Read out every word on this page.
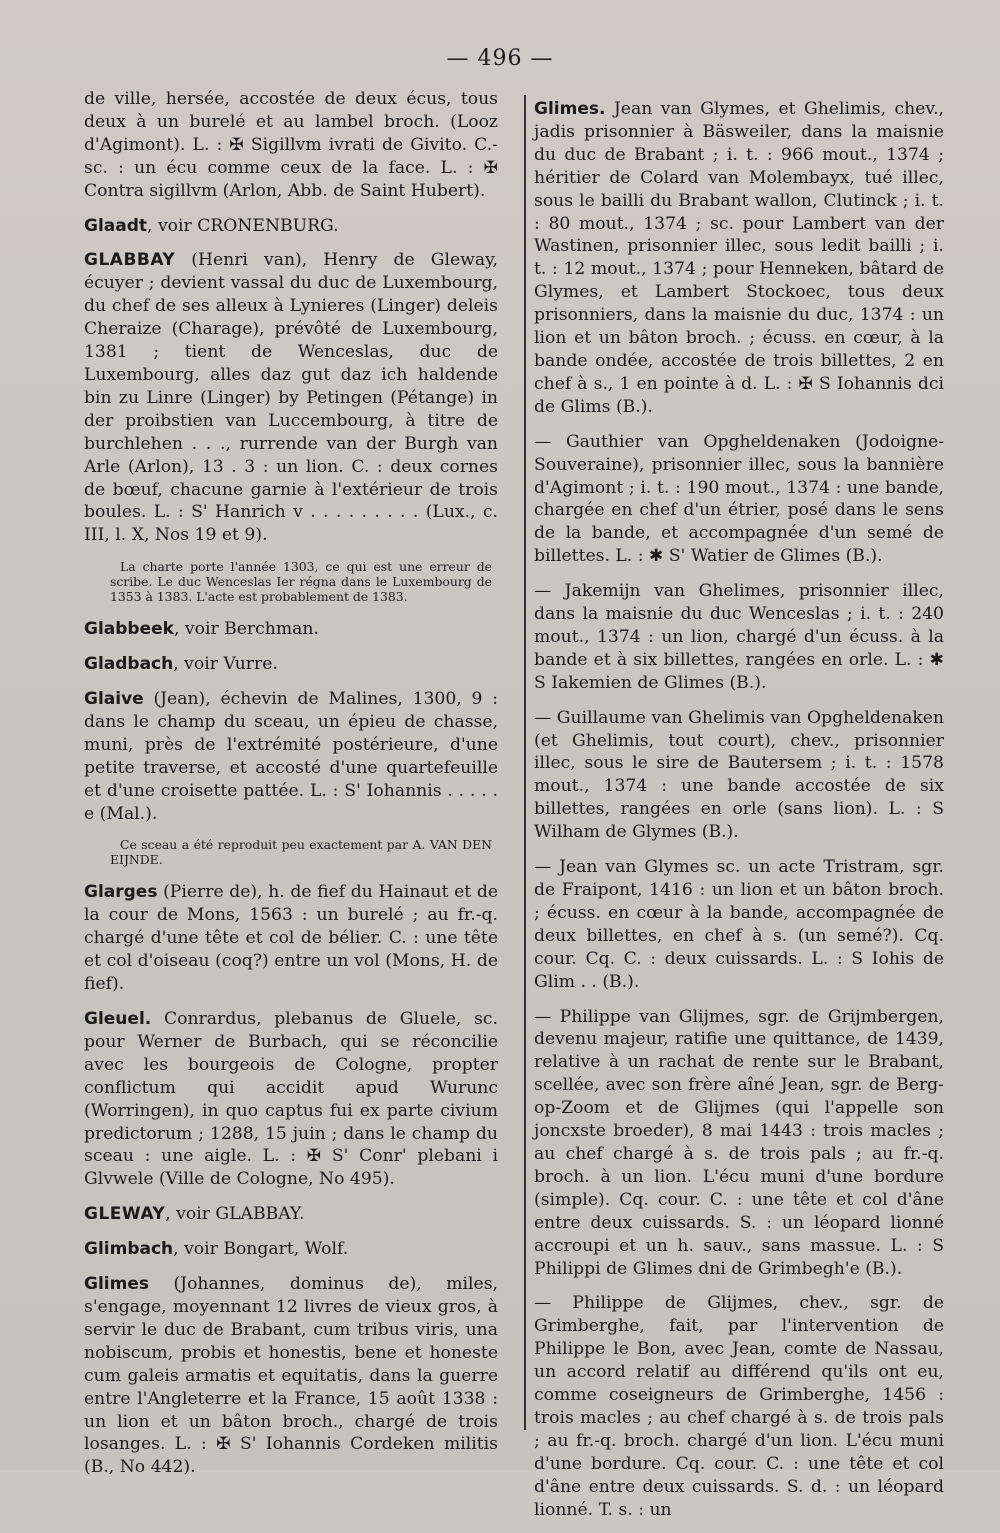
— 496 —
de ville, hersée, accostée de deux écus, tous deux à un burelé et au lambel broch. (Looz d'Agimont). L. : ✠ Sigillvm ivrati de Givito. C.-sc. : un écu comme ceux de la face. L. : ✠ Contra sigillvm (Arlon, Abb. de Saint Hubert).
Glaadt, voir CRONENBURG.
GLABBAY (Henri van), Henry de Gleway, écuyer ; devient vassal du duc de Luxembourg, du chef de ses alleux à Lynieres (Linger) deleis Cheraize (Charage), prévôté de Luxembourg, 1381 ; tient de Wenceslas, duc de Luxembourg, alles daz gut daz ich haldende bin zu Linre (Linger) by Petingen (Pétange) in der proibstien van Luccembourg, à titre de burchlehen . . ., rurrende van der Burgh van Arle (Arlon), 13 . 3 : un lion. C. : deux cornes de bœuf, chacune garnie à l'extérieur de trois boules. L. : S' Hanrich v . . . . . . . . . (Lux., c. III, l. X, Nos 19 et 9).
La charte porte l'année 1303, ce qui est une erreur de scribe. Le duc Wenceslas Ier régna dans le Luxembourg de 1353 à 1383. L'acte est probablement de 1383.
Glabbeek, voir Berchman.
Gladbach, voir Vurre.
Glaive (Jean), échevin de Malines, 1300, 9 : dans le champ du sceau, un épieu de chasse, muni, près de l'extrémité postérieure, d'une petite traverse, et accosté d'une quartefeuille et d'une croisette pattée. L. : S' Iohannis . . . . . e (Mal.).
Ce sceau a été reproduit peu exactement par A. VAN DEN EIJNDE.
Glarges (Pierre de), h. de fief du Hainaut et de la cour de Mons, 1563 : un burelé ; au fr.-q. chargé d'une tête et col de bélier. C. : une tête et col d'oiseau (coq?) entre un vol (Mons, H. de fief).
Gleuel. Conrardus, plebanus de Gluele, sc. pour Werner de Burbach, qui se réconcilie avec les bourgeois de Cologne, propter conflictum qui accidit apud Wurunc (Worringen), in quo captus fui ex parte civium predictorum ; 1288, 15 juin ; dans le champ du sceau : une aigle. L. : ✠ S' Conr' plebani i Glvwele (Ville de Cologne, No 495).
GLEWAY, voir GLABBAY.
Glimbach, voir Bongart, Wolf.
Glimes (Johannes, dominus de), miles, s'engage, moyennant 12 livres de vieux gros, à servir le duc de Brabant, cum tribus viris, una nobiscum, probis et honestis, bene et honeste cum galeis armatis et equitatis, dans la guerre entre l'Angleterre et la France, 15 août 1338 : un lion et un bâton broch., chargé de trois losanges. L. : ✠ S' Iohannis Cordeken militis (B., No 442).
Glimes. Jean van Glymes, et Ghelimis, chev., jadis prisonnier à Bäsweiler, dans la maisnie du duc de Brabant ; i. t. : 966 mout., 1374 ; héritier de Colard van Molembayx, tué illec, sous le bailli du Brabant wallon, Clutinck ; i. t. : 80 mout., 1374 ; sc. pour Lambert van der Wastinen, prisonnier illec, sous ledit bailli ; i. t. : 12 mout., 1374 ; pour Henneken, bâtard de Glymes, et Lambert Stockoec, tous deux prisonniers, dans la maisnie du duc, 1374 : un lion et un bâton broch. ; écuss. en cœur, à la bande ondée, accostée de trois billettes, 2 en chef à s., 1 en pointe à d. L. : ✠ S Iohannis dci de Glims (B.).
— Gauthier van Opgheldenaken (Jodoigne-Souveraine), prisonnier illec, sous la bannière d'Agimont ; i. t. : 190 mout., 1374 : une bande, chargée en chef d'un étrier, posé dans le sens de la bande, et accompagnée d'un semé de billettes. L. : ✱ S' Watier de Glimes (B.).
— Jakemijn van Ghelimes, prisonnier illec, dans la maisnie du duc Wenceslas ; i. t. : 240 mout., 1374 : un lion, chargé d'un écuss. à la bande et à six billettes, rangées en orle. L. : ✱ S Iakemien de Glimes (B.).
— Guillaume van Ghelimis van Opgheldenaken (et Ghelimis, tout court), chev., prisonnier illec, sous le sire de Bautersem ; i. t. : 1578 mout., 1374 : une bande accostée de six billettes, rangées en orle (sans lion). L. : S Wilham de Glymes (B.).
— Jean van Glymes sc. un acte Tristram, sgr. de Fraipont, 1416 : un lion et un bâton broch. ; écuss. en cœur à la bande, accompagnée de deux billettes, en chef à s. (un semé?). Cq. cour. Cq. C. : deux cuissards. L. : S Iohis de Glim . . (B.).
— Philippe van Glijmes, sgr. de Grijmbergen, devenu majeur, ratifie une quittance, de 1439, relative à un rachat de rente sur le Brabant, scellée, avec son frère aîné Jean, sgr. de Berg-op-Zoom et de Glijmes (qui l'appelle son joncxste broeder), 8 mai 1443 : trois macles ; au chef chargé à s. de trois pals ; au fr.-q. broch. à un lion. L'écu muni d'une bordure (simple). Cq. cour. C. : une tête et col d'âne entre deux cuissards. S. : un léopard lionné accroupi et un h. sauv., sans massue. L. : S Philippi de Glimes dni de Grimbegh'e (B.).
— Philippe de Glijmes, chev., sgr. de Grimberghe, fait, par l'intervention de Philippe le Bon, avec Jean, comte de Nassau, un accord relatif au différend qu'ils ont eu, comme coseigneurs de Grimberghe, 1456 : trois macles ; au chef chargé à s. de trois pals ; au fr.-q. broch. chargé d'un lion. L'écu muni d'une bordure. Cq. cour. C. : une tête et col d'âne entre deux cuissards. S. d. : un léopard lionné. T. s. : un
